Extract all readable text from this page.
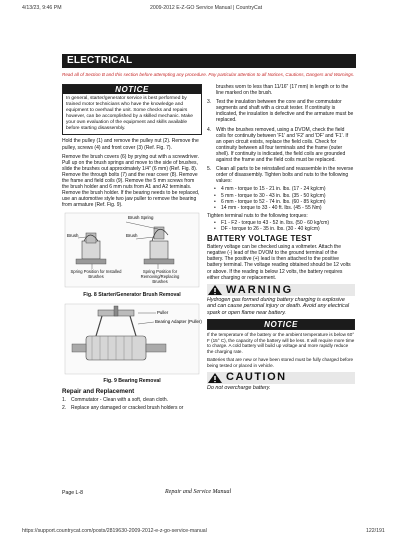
4/13/23, 9:46 PM	2009-2012 E-Z-GO Service Manual | CountryCat
ELECTRICAL
Read all of Section B and this section before attempting any procedure. Pay particular attention to all Notices, Cautions, Dangers and Warnings.
NOTICE
In general, starter/generator service is best performed by trained motor technicians who have the knowledge and equipment to overhaul the unit. Some checks and repairs however, can be accomplished by a skilled mechanic. Make your own evaluation of the equipment and skills available before starting disassembly.

Hold the pulley (1) and remove the pulley nut (2). Remove the pulley, screws (4) and front cover (3) (Ref. Fig. 7).

Remove the brush covers (6) by prying out with a screwdriver. Pull up on the brush springs and move to the side of brushes, slide the brushes out approximately 1/4" (6 mm) (Ref. Fig. 8). Remove the through bolts (7) and the rear cover (8). Remove the frame and field coils (9). Remove the 5 mm screws from the brush holder and 6 mm nuts from A1 and A2 terminals. Remove the brush holder. If the bearing needs to be replaced, use an automotive style two jaw puller to remove the bearing from armature (Ref. Fig. 9).

Brush Spring
Brush	Brush
Spring Position for Installed Brushes
Spring Position for Removing/Replacing Brushes
Fig. 8 Starter/Generator Brush Removal
Puller
Bearing Adapter (Puller)
Fig. 9 Bearing Removal
Repair and Replacement
1. Commutator - Clean with a soft, clean cloth.
2. Replace any damaged or cracked brush holders or
brushes worn to less than 11/16" (17 mm) in length or to the line marked on the brush.
3. Test the insulation between the core and the commutator segments and shaft with a circuit tester. If continuity is indicated, the insulation is defective and the armature must be replaced.
4. With the brushes removed, using a DVOM, check the field coils for continuity between 'F1' and 'F2' and 'DF' and 'F1'. If an open circuit exists, replace the field coils. Check for continuity between all four terminals and the frame (outer shell). If continuity is indicated, the field coils are grounded against the frame and the field coils must be replaced.
5. Clean all parts to be reinstalled and reassemble in the reverse order of disassembly. Tighten bolts and nuts to the following values:
•	4 mm - torque to 15 - 21 in. lbs. (17 - 24 kg/cm)
•	5 mm - torque to 30 - 43 in. lbs. (35 - 50 kg/cm)
•	6 mm - torque to 52 - 74 in. lbs. (60 - 85 kg/cm)
•	14 mm - torque to 33 - 40 ft. lbs. (45 - 55 Nm)
Tighten terminal nuts to the following torques:
•	F1 - F2 - torque to 43 - 52 in. lbs. (50 - 60 kg/cm)
•	DF - torque to 26 - 35 in. lbs. (30 - 40 kg/cm)
BATTERY VOLTAGE TEST

Battery voltage can be checked using a voltmeter. Attach the negative (-) lead of the DVOM to the ground terminal of the battery. The positive (+) lead is then attached to the positive battery terminal. The voltage reading obtained should be 12 volts or above. If the reading is below 12 volts, the battery requires either charging or replacement.

WARNING
Hydrogen gas formed during battery charging is explosive and can cause personal injury or death. Avoid any electrical spark or open flame near battery.
NOTICE

If the temperature of the battery or the ambient temperature is below 60° F (15° C), the capacity of the battery will be less. It will require more time to charge. A cold battery will build up voltage and more rapidly reduce the charging rate.

Batteries that are new or have been stored must be fully charged before being tested or placed in vehicle.

CAUTION
Do not overcharge battery.
Page L-8	Repair and Service Manual
https://support.countrycat.com/posts/2819630-2009-2012-e-z-go-service-manual	122/191
